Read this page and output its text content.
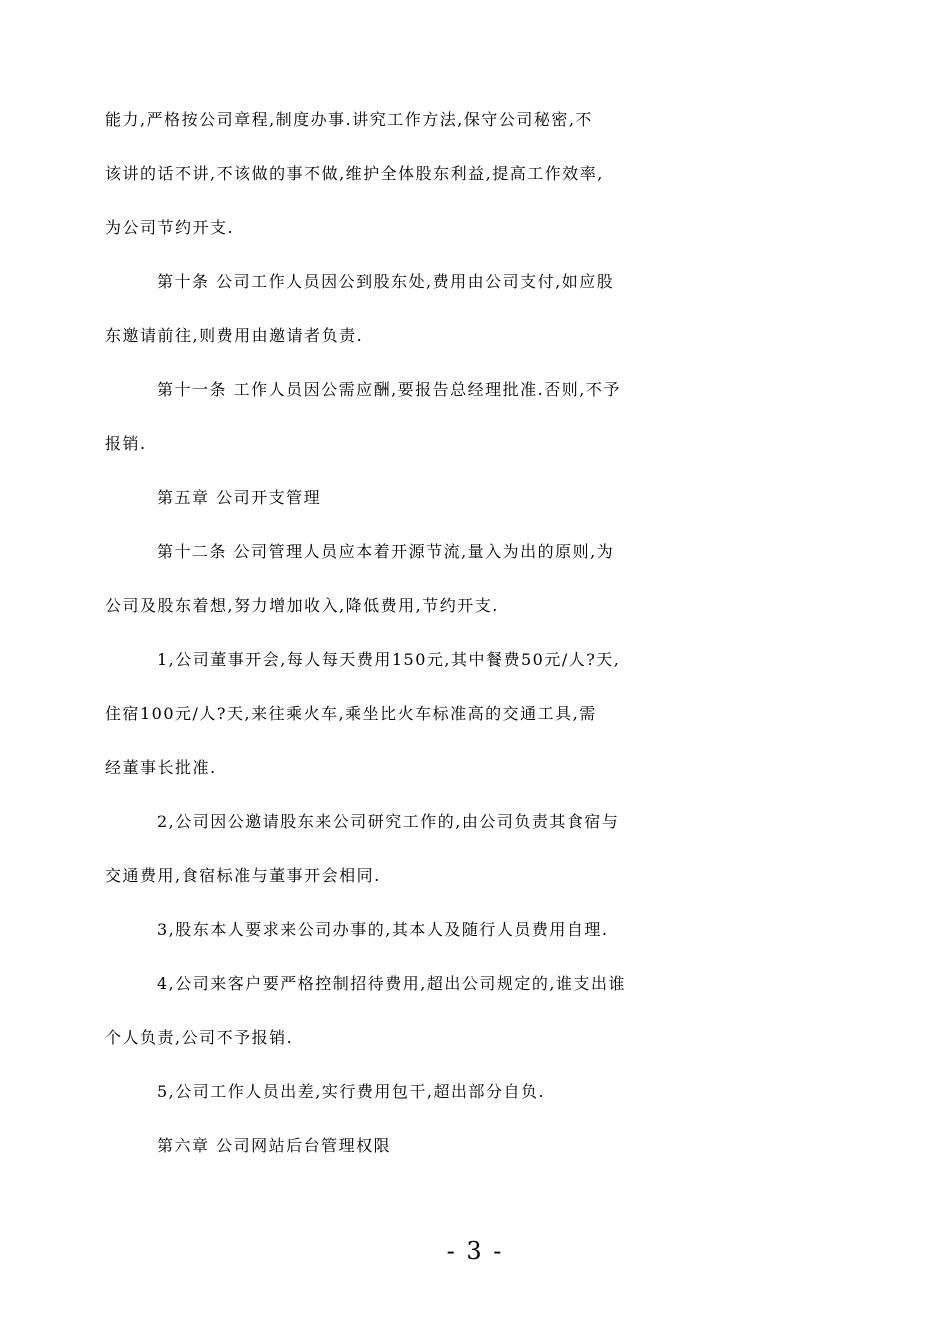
能力,严格按公司章程,制度办事.讲究工作方法,保守公司秘密,不
该讲的话不讲,不该做的事不做,维护全体股东利益,提高工作效率,
为公司节约开支.
第十条 公司工作人员因公到股东处,费用由公司支付,如应股
东邀请前往,则费用由邀请者负责.
第十一条 工作人员因公需应酬,要报告总经理批准.否则,不予
报销.
第五章 公司开支管理
第十二条 公司管理人员应本着开源节流,量入为出的原则,为
公司及股东着想,努力增加收入,降低费用,节约开支.
1,公司董事开会,每人每天费用150元,其中餐费50元/人?天,
住宿100元/人?天,来往乘火车,乘坐比火车标准高的交通工具,需
经董事长批准.
2,公司因公邀请股东来公司研究工作的,由公司负责其食宿与
交通费用,食宿标准与董事开会相同.
3,股东本人要求来公司办事的,其本人及随行人员费用自理.
4,公司来客户要严格控制招待费用,超出公司规定的,谁支出谁
个人负责,公司不予报销.
5,公司工作人员出差,实行费用包干,超出部分自负.
第六章 公司网站后台管理权限
- 3 -
